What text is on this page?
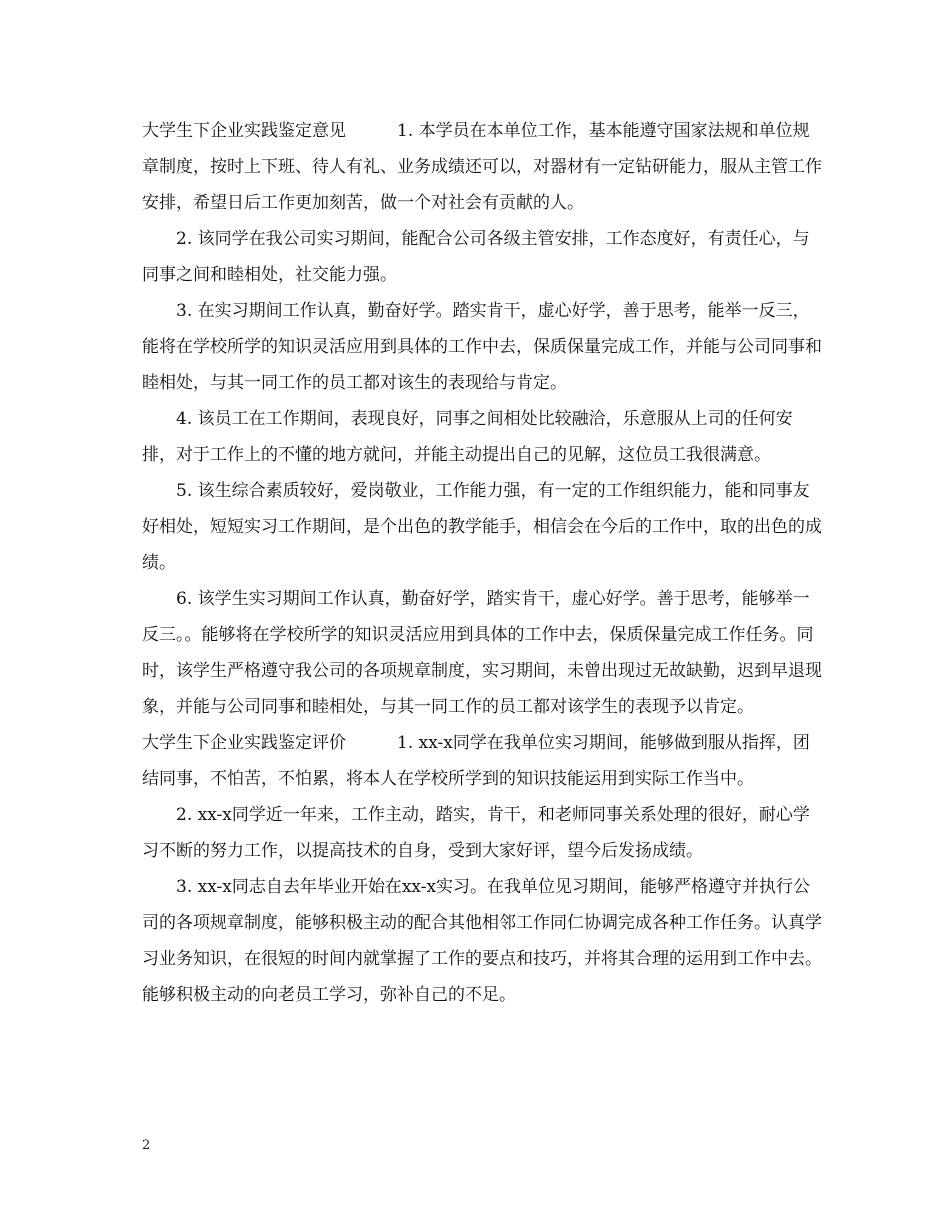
大学生下企业实践鉴定意见　　　	1. 本学员在本单位工作，基本能遵守国家法规和单位规章制度，按时上下班、待人有礼、业务成绩还可以，对器材有一定钻研能力，服从主管工作安排，希望日后工作更加刻苦，做一个对社会有贡献的人。

2. 该同学在我公司实习期间，能配合公司各级主管安排，工作态度好，有责任心，与同事之间和睦相处，社交能力强。

3. 在实习期间工作认真，勤奋好学。踏实肯干，虚心好学，善于思考，能举一反三，能将在学校所学的知识灵活应用到具体的工作中去，保质保量完成工作，并能与公司同事和睦相处，与其一同工作的员工都对该生的表现给与肯定。

4. 该员工在工作期间，表现良好，同事之间相处比较融洽，乐意服从上司的任何安排，对于工作上的不懂的地方就问，并能主动提出自己的见解，这位员工我很满意。

5. 该生综合素质较好，爱岗敬业，工作能力强，有一定的工作组织能力，能和同事友好相处，短短实习工作期间，是个出色的教学能手，相信会在今后的工作中，取的出色的成绩。

6. 该学生实习期间工作认真，勤奋好学，踏实肯干，虚心好学。善于思考，能够举一反三。。能够将在学校所学的知识灵活应用到具体的工作中去，保质保量完成工作任务。同时，该学生严格遵守我公司的各项规章制度，实习期间，未曾出现过无故缺勤，迟到早退现象，并能与公司同事和睦相处，与其一同工作的员工都对该学生的表现予以肯定。

大学生下企业实践鉴定评价　　　	1. xx-x同学在我单位实习期间，能够做到服从指挥，团结同事，不怕苦，不怕累，将本人在学校所学到的知识技能运用到实际工作当中。

2. xx-x同学近一年来，工作主动，踏实，肯干，和老师同事关系处理的很好，耐心学习不断的努力工作，以提高技术的自身，受到大家好评，望今后发扬成绩。

3. xx-x同志自去年毕业开始在xx-x实习。在我单位见习期间，能够严格遵守并执行公司的各项规章制度，能够积极主动的配合其他相邻工作同仁协调完成各种工作任务。认真学习业务知识，在很短的时间内就掌握了工作的要点和技巧，并将其合理的运用到工作中去。能够积极主动的向老员工学习，弥补自己的不足。

2
